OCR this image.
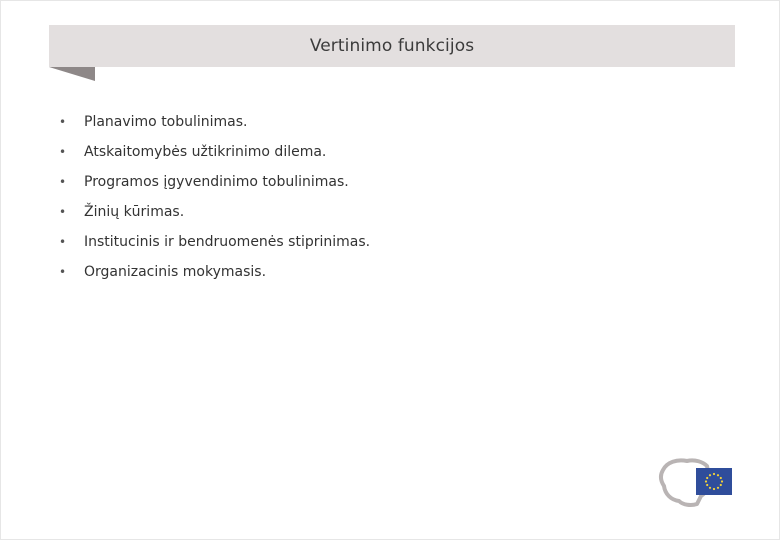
Vertinimo funkcijos
•	Planavimo tobulinimas.
•	Atskaitomybės užtikrinimo dilema.
•	Programos įgyvendinimo tobulinimas.
•	Žinių kūrimas.
•	Institucinis ir bendruomenės stiprinimas.
•	Organizacinis mokymasis.
